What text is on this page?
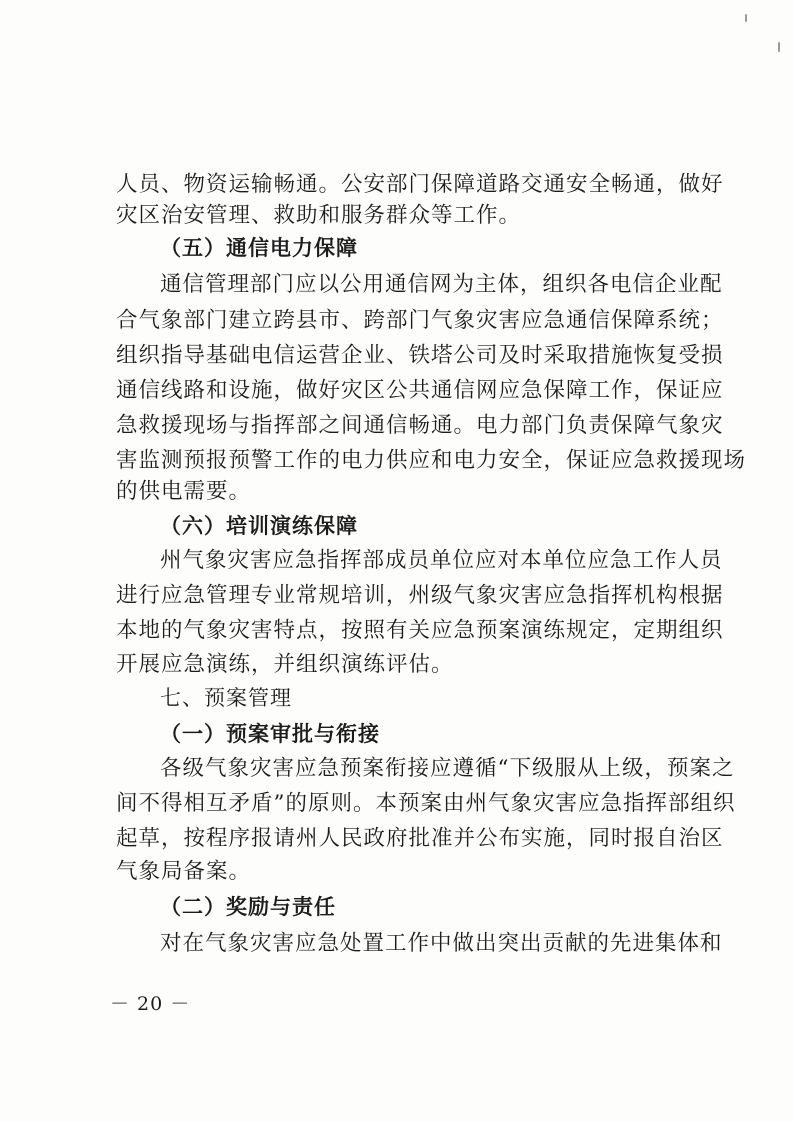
人员、物资运输畅通。公安部门保障道路交通安全畅通，做好
灾区治安管理、救助和服务群众等工作。
（五）通信电力保障
通信管理部门应以公用通信网为主体，组织各电信企业配
合气象部门建立跨县市、跨部门气象灾害应急通信保障系统；
组织指导基础电信运营企业、铁塔公司及时采取措施恢复受损
通信线路和设施，做好灾区公共通信网应急保障工作，保证应
急救援现场与指挥部之间通信畅通。电力部门负责保障气象灾
害监测预报预警工作的电力供应和电力安全，保证应急救援现场
的供电需要。
（六）培训演练保障
州气象灾害应急指挥部成员单位应对本单位应急工作人员
进行应急管理专业常规培训，州级气象灾害应急指挥机构根据
本地的气象灾害特点，按照有关应急预案演练规定，定期组织
开展应急演练，并组织演练评估。
七、预案管理
（一）预案审批与衔接
各级气象灾害应急预案衔接应遵循“下级服从上级，预案之
间不得相互矛盾”的原则。本预案由州气象灾害应急指挥部组织
起草，按程序报请州人民政府批准并公布实施，同时报自治区
气象局备案。
（二）奖励与责任
对在气象灾害应急处置工作中做出突出贡献的先进集体和
－ 20 －
